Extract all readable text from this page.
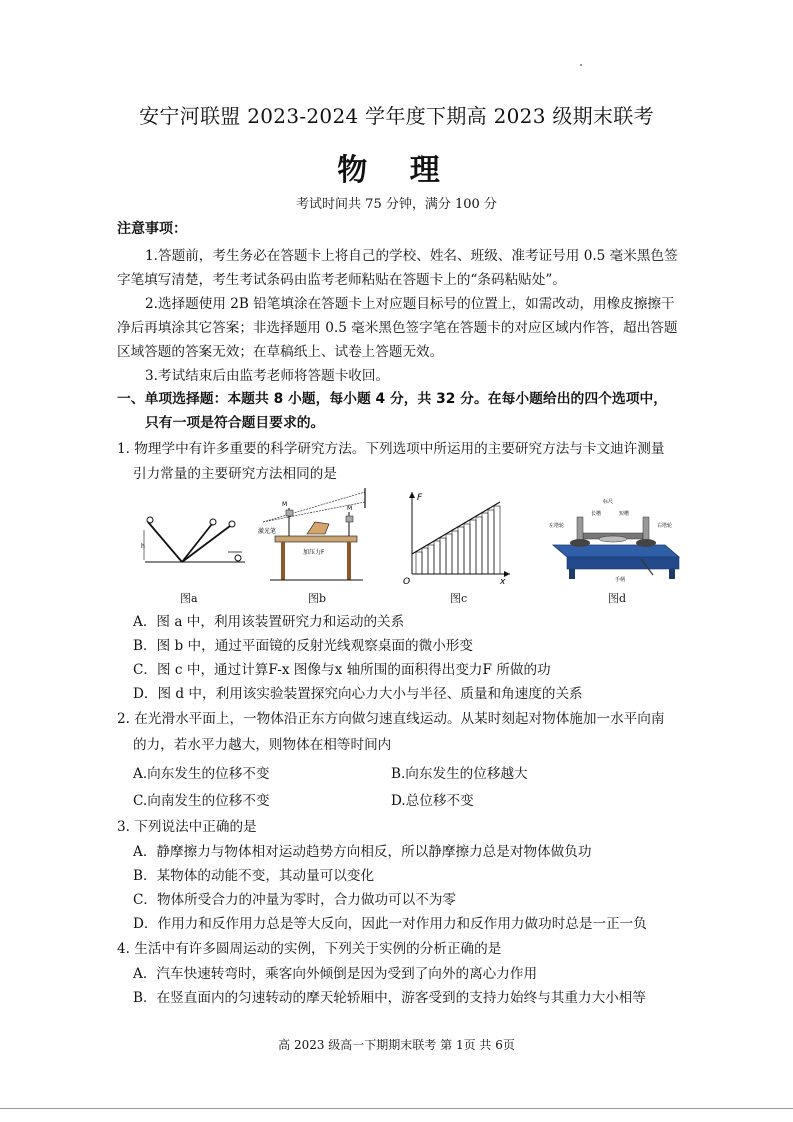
安宁河联盟 2023-2024 学年度下期高 2023 级期末联考
物 理
考试时间共 75 分钟，满分 100 分
注意事项：
1.答题前，考生务必在答题卡上将自己的学校、姓名、班级、准考证号用 0.5 毫米黑色签
字笔填写清楚，考生考试条码由监考老师粘贴在答题卡上的“条码粘贴处”。
2.选择题使用 2B 铅笔填涂在答题卡上对应题目标号的位置上，如需改动，用橡皮擦擦干
净后再填涂其它答案；非选择题用 0.5 毫米黑色签字笔在答题卡的对应区域内作答，超出答题
区域答题的答案无效；在草稿纸上、试卷上答题无效。
3.考试结束后由监考老师将答题卡收回。
一、单项选择题：本题共 8 小题，每小题 4 分，共 32 分。在每小题给出的四个选项中，
只有一项是符合题目要求的。
1. 物理学中有许多重要的科学研究方法。下列选项中所运用的主要研究方法与卡文迪许测量
引力常量的主要研究方法相同的是
h
图a
M
M
激光笔
加压力F
图b
F
O	x
图c
标尺
长槽	短槽
左塔轮	右塔轮
手柄
图d
A．图 a 中，利用该装置研究力和运动的关系
B．图 b 中，通过平面镜的反射光线观察桌面的微小形变
C．图 c 中，通过计算F-x 图像与x 轴所围的面积得出变力F 所做的功
D．图 d 中，利用该实验装置探究向心力大小与半径、质量和角速度的关系
2. 在光滑水平面上，一物体沿正东方向做匀速直线运动。从某时刻起对物体施加一水平向南
的力，若水平力越大，则物体在相等时间内
A.向东发生的位移不变	B.向东发生的位移越大
C.向南发生的位移不变	D.总位移不变
3. 下列说法中正确的是
A．静摩擦力与物体相对运动趋势方向相反，所以静摩擦力总是对物体做负功
B．某物体的动能不变，其动量可以变化
C．物体所受合力的冲量为零时，合力做功可以不为零
D．作用力和反作用力总是等大反向，因此一对作用力和反作用力做功时总是一正一负
4. 生活中有许多圆周运动的实例，下列关于实例的分析正确的是
A．汽车快速转弯时，乘客向外倾倒是因为受到了向外的离心力作用
B．在竖直面内的匀速转动的摩天轮轿厢中，游客受到的支持力始终与其重力大小相等
高 2023 级高一下期期末联考 第 1页 共 6页
